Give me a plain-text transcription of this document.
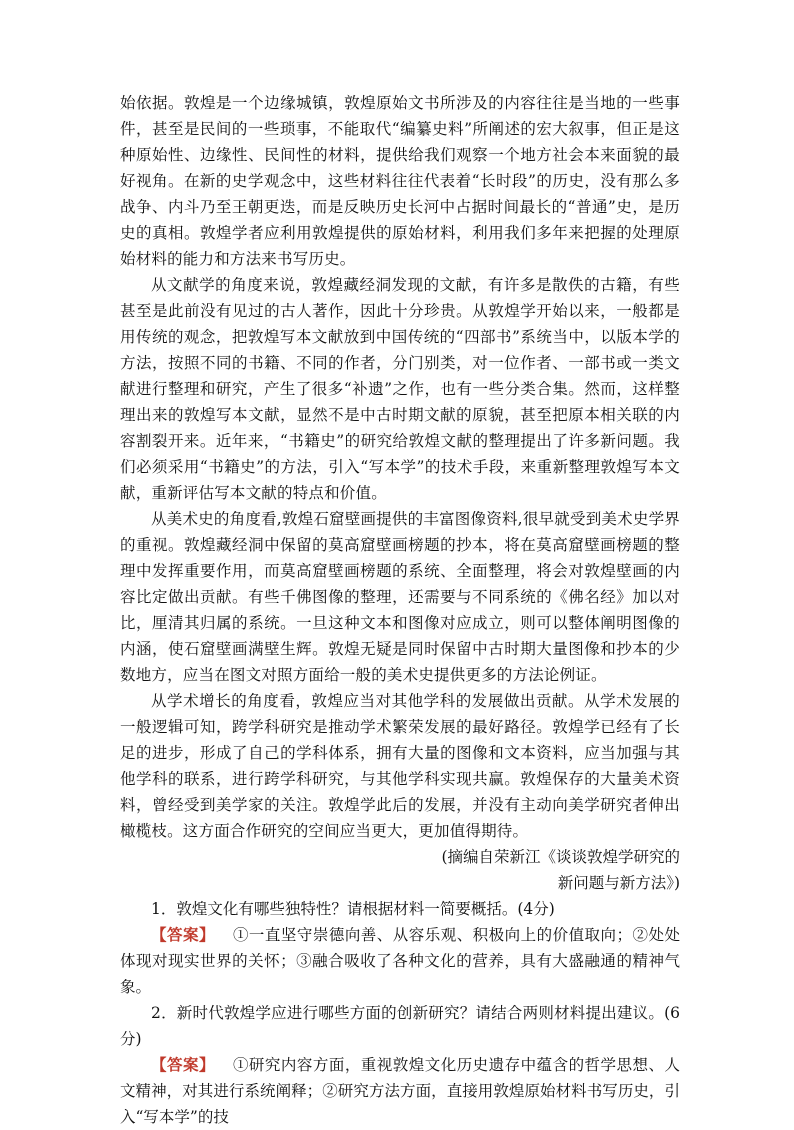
始依据。敦煌是一个边缘城镇，敦煌原始文书所涉及的内容往往是当地的一些事件，甚至是民间的一些琐事，不能取代“编纂史料”所阐述的宏大叙事，但正是这种原始性、边缘性、民间性的材料，提供给我们观察一个地方社会本来面貌的最好视角。在新的史学观念中，这些材料往往代表着“长时段”的历史，没有那么多战争、内斗乃至王朝更迭，而是反映历史长河中占据时间最长的“普通”史，是历史的真相。敦煌学者应利用敦煌提供的原始材料，利用我们多年来把握的处理原始材料的能力和方法来书写历史。

从文献学的角度来说，敦煌藏经洞发现的文献，有许多是散佚的古籍，有些甚至是此前没有见过的古人著作，因此十分珍贵。从敦煌学开始以来，一般都是用传统的观念，把敦煌写本文献放到中国传统的“四部书”系统当中，以版本学的方法，按照不同的书籍、不同的作者，分门别类，对一位作者、一部书或一类文献进行整理和研究，产生了很多“补遗”之作，也有一些分类合集。然而，这样整理出来的敦煌写本文献，显然不是中古时期文献的原貌，甚至把原本相关联的内容割裂开来。近年来，“书籍史”的研究给敦煌文献的整理提出了许多新问题。我们必须采用“书籍史”的方法，引入“写本学”的技术手段，来重新整理敦煌写本文献，重新评估写本文献的特点和价值。

从美术史的角度看,敦煌石窟壁画提供的丰富图像资料,很早就受到美术史学界的重视。敦煌藏经洞中保留的莫高窟壁画榜题的抄本，将在莫高窟壁画榜题的整理中发挥重要作用，而莫高窟壁画榜题的系统、全面整理，将会对敦煌壁画的内容比定做出贡献。有些千佛图像的整理，还需要与不同系统的《佛名经》加以对比，厘清其归属的系统。一旦这种文本和图像对应成立，则可以整体阐明图像的内涵，使石窟壁画满壁生辉。敦煌无疑是同时保留中古时期大量图像和抄本的少数地方，应当在图文对照方面给一般的美术史提供更多的方法论例证。

从学术增长的角度看，敦煌应当对其他学科的发展做出贡献。从学术发展的一般逻辑可知，跨学科研究是推动学术繁荣发展的最好路径。敦煌学已经有了长足的进步，形成了自己的学科体系，拥有大量的图像和文本资料，应当加强与其他学科的联系，进行跨学科研究，与其他学科实现共赢。敦煌保存的大量美术资料，曾经受到美学家的关注。敦煌学此后的发展，并没有主动向美学研究者伸出橄榄枝。这方面合作研究的空间应当更大，更加值得期待。

(摘编自荣新江《谈谈敦煌学研究的

新问题与新方法》)

1．敦煌文化有哪些独特性？请根据材料一简要概括。(4分)

【答案】 ①一直坚守崇德向善、从容乐观、积极向上的价值取向；②处处体现对现实世界的关怀；③融合吸收了各种文化的营养，具有大盛融通的精神气象。

2．新时代敦煌学应进行哪些方面的创新研究？请结合两则材料提出建议。(6分)

【答案】 ①研究内容方面，重视敦煌文化历史遗存中蕴含的哲学思想、人文精神，对其进行系统阐释；②研究方法方面，直接用敦煌原始材料书写历史，引入“写本学”的技
